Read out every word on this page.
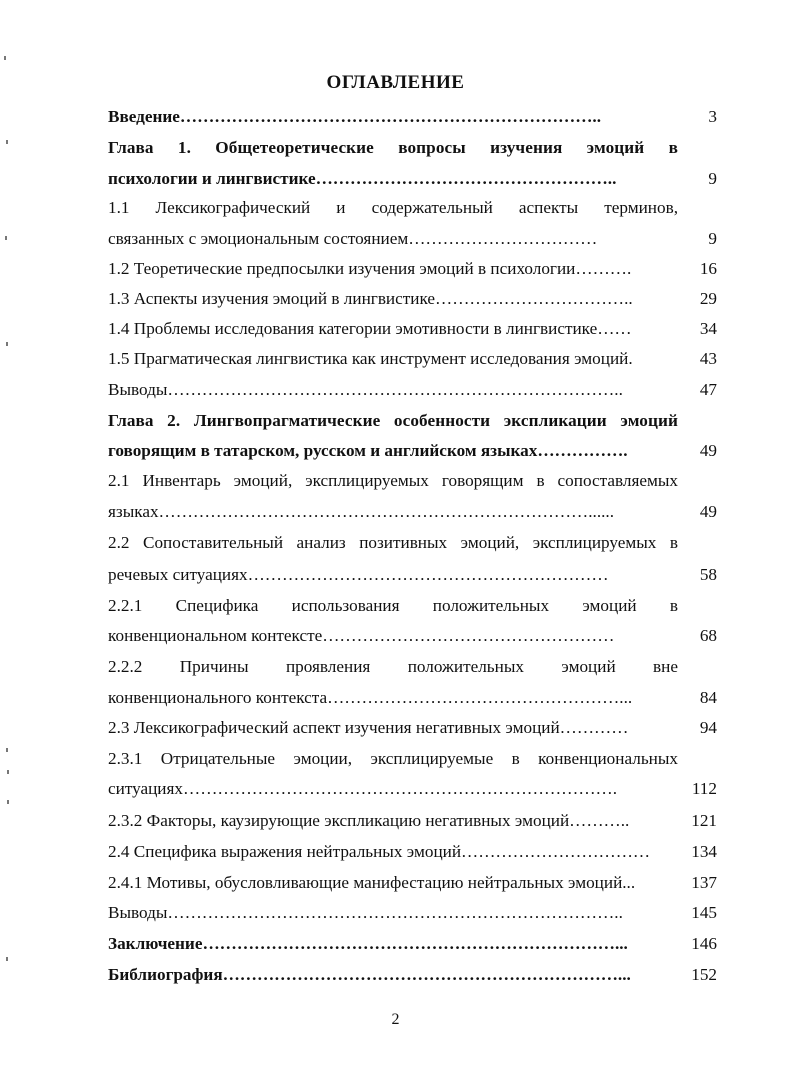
ОГЛАВЛЕНИЕ
Введение………………………………………………………………..	3
Глава 1. Общетеоретические вопросы изучения эмоций в
психологии и лингвистике……………………………………………..	9
1.1 Лексикографический и содержательный аспекты терминов,
связанных с эмоциональным состоянием……………………………	9
1.2 Теоретические предпосылки изучения эмоций в психологии……….	16
1.3 Аспекты изучения эмоций в лингвистике……………………………..	29
1.4 Проблемы исследования категории эмотивности в лингвистике……	34
1.5 Прагматическая лингвистика как инструмент исследования эмоций.	43
Выводы……………………………………………………………………..	47
Глава 2. Лингвопрагматические особенности экспликации эмоций
говорящим в татарском, русском и английском языках…………….	49
2.1 Инвентарь эмоций, эксплицируемых говорящим в сопоставляемых
языках…………………………………………………………………......	49
2.2 Сопоставительный анализ позитивных эмоций, эксплицируемых в
речевых ситуациях………………………………………………………	58
2.2.1 Специфика использования положительных эмоций в
конвенциональном контексте……………………………………………	68
2.2.2 Причины проявления положительных эмоций вне
конвенционального контекста……………………………………………...	84
2.3 Лексикографический аспект изучения негативных эмоций…………	94
2.3.1 Отрицательные эмоции, эксплицируемые в конвенциональных
ситуациях………………………………………………………………….	112
2.3.2 Факторы, каузирующие экспликацию негативных эмоций………..	121
2.4 Специфика выражения нейтральных эмоций……………………………	134
2.4.1 Мотивы, обусловливающие манифестацию нейтральных эмоций...	137
Выводы……………………………………………………………………..	145
Заключение………………………………………………………………...	146
Библиография……………………………………………………………...	152
2
